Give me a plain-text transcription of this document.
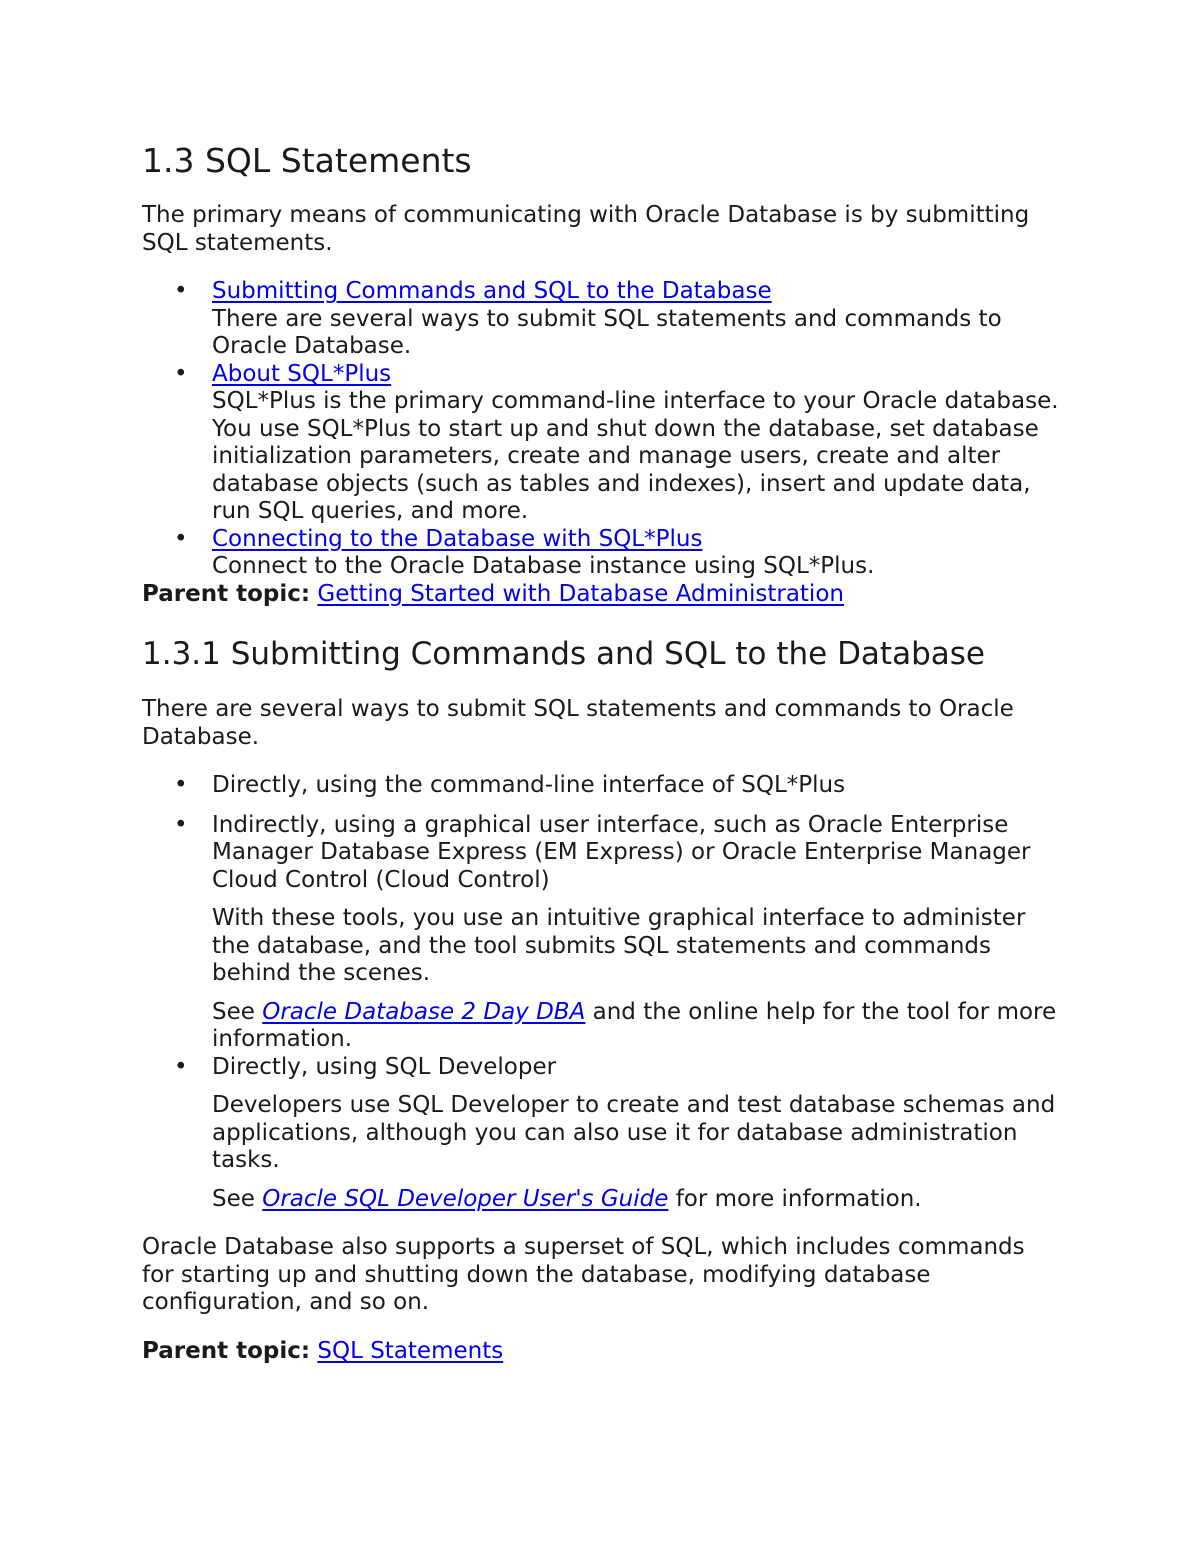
1.3 SQL Statements

The primary means of communicating with Oracle Database is by submitting SQL statements.

• Submitting Commands and SQL to the Database
There are several ways to submit SQL statements and commands to Oracle Database.
• About SQL*Plus
SQL*Plus is the primary command-line interface to your Oracle database. You use SQL*Plus to start up and shut down the database, set database initialization parameters, create and manage users, create and alter database objects (such as tables and indexes), insert and update data, run SQL queries, and more.
• Connecting to the Database with SQL*Plus
Connect to the Oracle Database instance using SQL*Plus.

Parent topic: Getting Started with Database Administration

1.3.1 Submitting Commands and SQL to the Database

There are several ways to submit SQL statements and commands to Oracle Database.

• Directly, using the command-line interface of SQL*Plus
• Indirectly, using a graphical user interface, such as Oracle Enterprise Manager Database Express (EM Express) or Oracle Enterprise Manager Cloud Control (Cloud Control)

With these tools, you use an intuitive graphical interface to administer the database, and the tool submits SQL statements and commands behind the scenes.

See Oracle Database 2 Day DBA and the online help for the tool for more information.

• Directly, using SQL Developer

Developers use SQL Developer to create and test database schemas and applications, although you can also use it for database administration tasks.

See Oracle SQL Developer User's Guide for more information.

Oracle Database also supports a superset of SQL, which includes commands for starting up and shutting down the database, modifying database configuration, and so on.

Parent topic: SQL Statements
